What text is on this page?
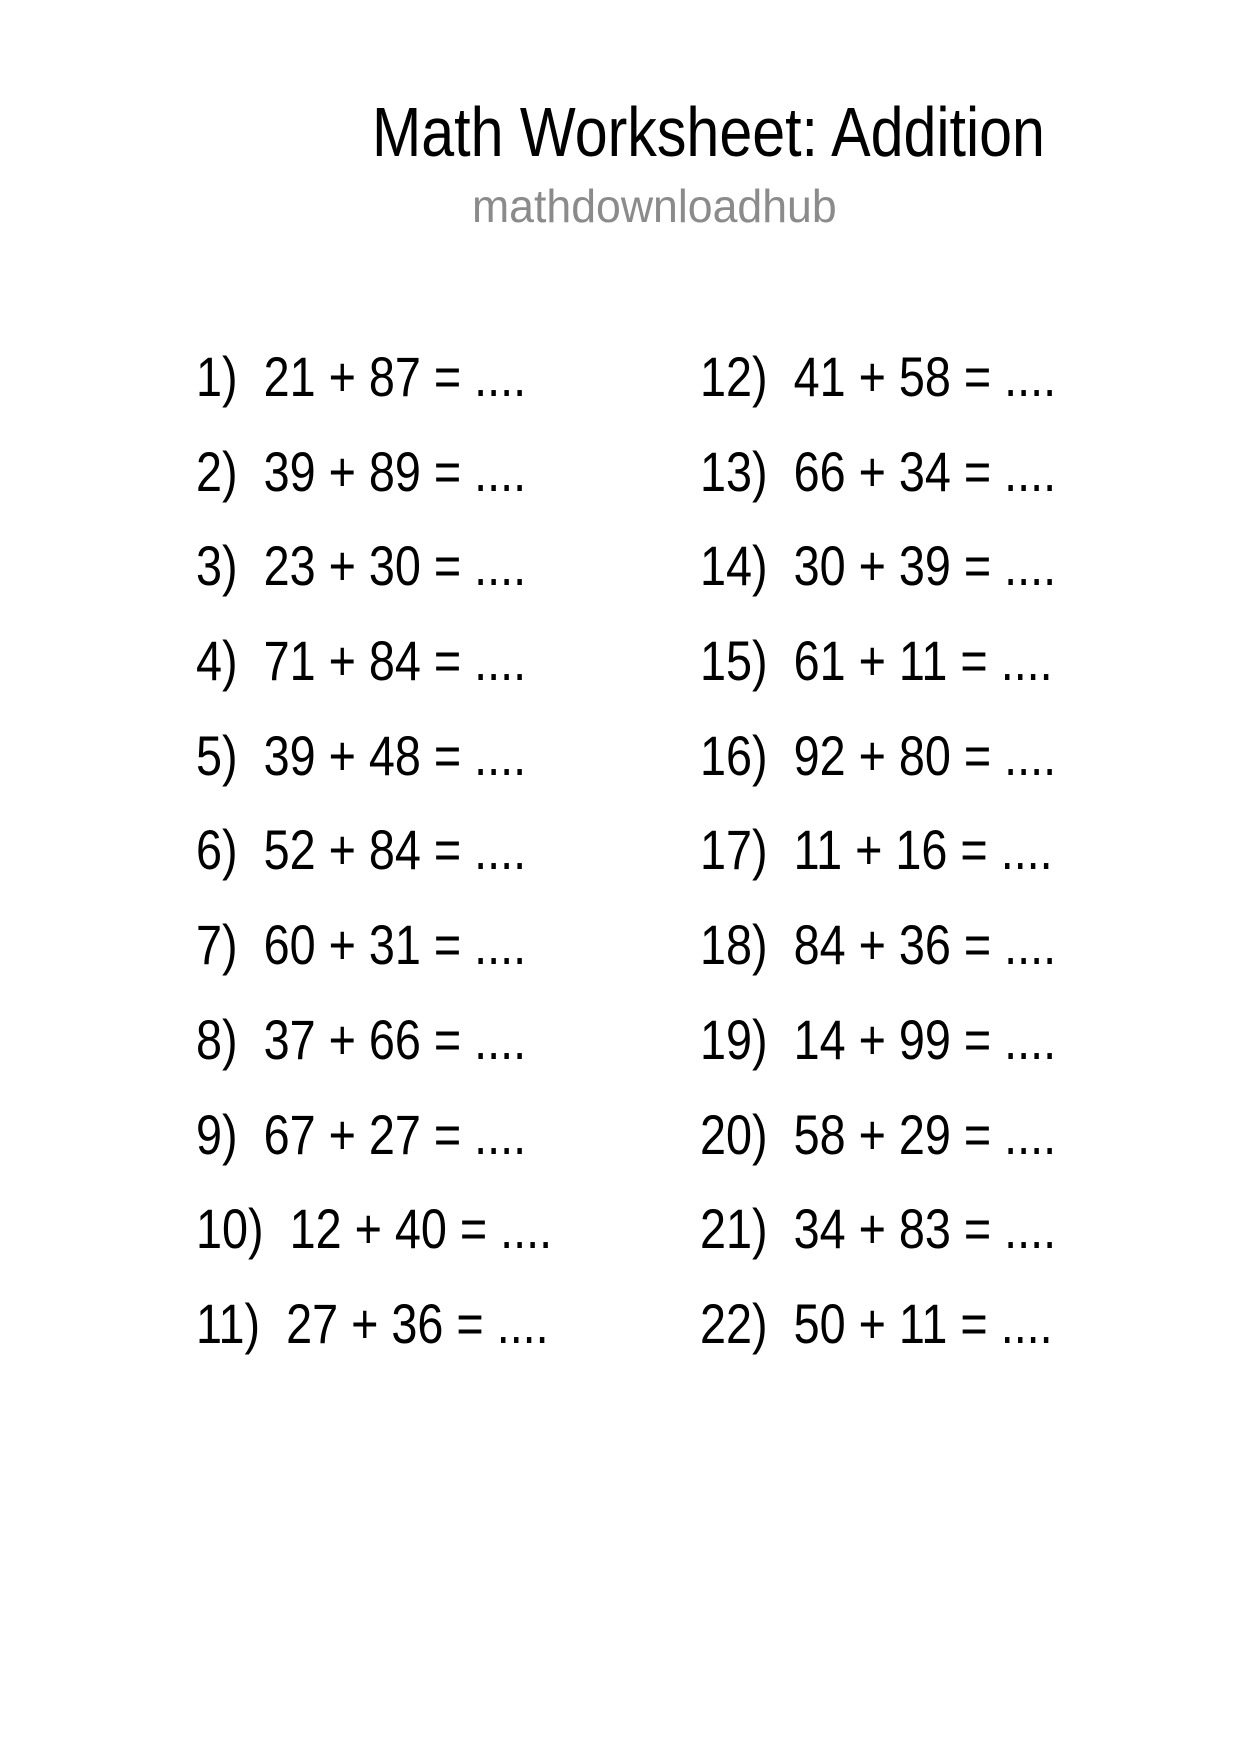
Math Worksheet: Addition
mathdownloadhub
1) 21 + 87 = ....
2) 39 + 89 = ....
3) 23 + 30 = ....
4) 71 + 84 = ....
5) 39 + 48 = ....
6) 52 + 84 = ....
7) 60 + 31 = ....
8) 37 + 66 = ....
9) 67 + 27 = ....
10) 12 + 40 = ....
11) 27 + 36 = ....
12) 41 + 58 = ....
13) 66 + 34 = ....
14) 30 + 39 = ....
15) 61 + 11 = ....
16) 92 + 80 = ....
17) 11 + 16 = ....
18) 84 + 36 = ....
19) 14 + 99 = ....
20) 58 + 29 = ....
21) 34 + 83 = ....
22) 50 + 11 = ....
